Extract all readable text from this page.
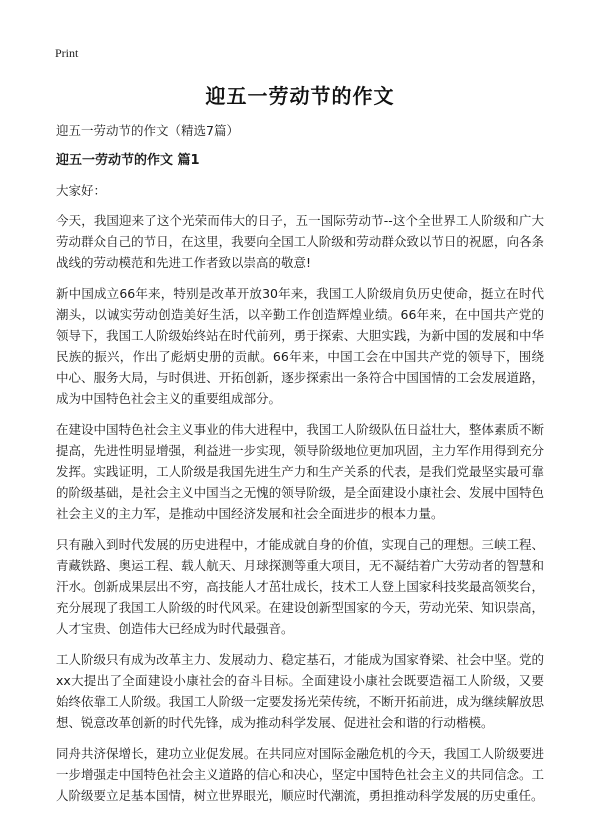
Print
迎五一劳动节的作文

迎五一劳动节的作文（精选7篇）

迎五一劳动节的作文 篇1

大家好：

今天，我国迎来了这个光荣而伟大的日子，五一国际劳动节--这个全世界工人阶级和广大劳动群众自己的节日，在这里，我要向全国工人阶级和劳动群众致以节日的祝愿，向各条战线的劳动模范和先进工作者致以崇高的敬意!

新中国成立66年来，特别是改革开放30年来，我国工人阶级肩负历史使命，挺立在时代潮头，以诚实劳动创造美好生活，以辛勤工作创造辉煌业绩。66年来，在中国共产党的领导下，我国工人阶级始终站在时代前列，勇于探索、大胆实践，为新中国的发展和中华民族的振兴，作出了彪炳史册的贡献。66年来，中国工会在中国共产党的领导下，围绕中心、服务大局，与时俱进、开拓创新，逐步探索出一条符合中国国情的工会发展道路，成为中国特色社会主义的重要组成部分。

在建设中国特色社会主义事业的伟大进程中，我国工人阶级队伍日益壮大，整体素质不断提高，先进性明显增强，利益进一步实现，领导阶级地位更加巩固，主力军作用得到充分发挥。实践证明，工人阶级是我国先进生产力和生产关系的代表，是我们党最坚实最可靠的阶级基础，是社会主义中国当之无愧的领导阶级，是全面建设小康社会、发展中国特色社会主义的主力军，是推动中国经济发展和社会全面进步的根本力量。

只有融入到时代发展的历史进程中，才能成就自身的价值，实现自己的理想。三峡工程、青藏铁路、奥运工程、载人航天、月球探测等重大项目，无不凝结着广大劳动者的智慧和汗水。创新成果层出不穷，高技能人才茁壮成长，技术工人登上国家科技奖最高领奖台，充分展现了我国工人阶级的时代风采。在建设创新型国家的今天，劳动光荣、知识崇高，人才宝贵、创造伟大已经成为时代最强音。

工人阶级只有成为改革主力、发展动力、稳定基石，才能成为国家脊梁、社会中坚。党的xx大提出了全面建设小康社会的奋斗目标。全面建设小康社会既要造福工人阶级，又要始终依靠工人阶级。我国工人阶级一定要发扬光荣传统，不断开拓前进，成为继续解放思想、锐意改革创新的时代先锋，成为推动科学发展、促进社会和谐的行动楷模。

同舟共济保增长，建功立业促发展。在共同应对国际金融危机的今天，我国工人阶级要进一步增强走中国特色社会主义道路的信心和决心，坚定中国特色社会主义的共同信念。工人阶级要立足基本国情，树立世界眼光，顺应时代潮流，勇担推动科学发展的历史重任。
